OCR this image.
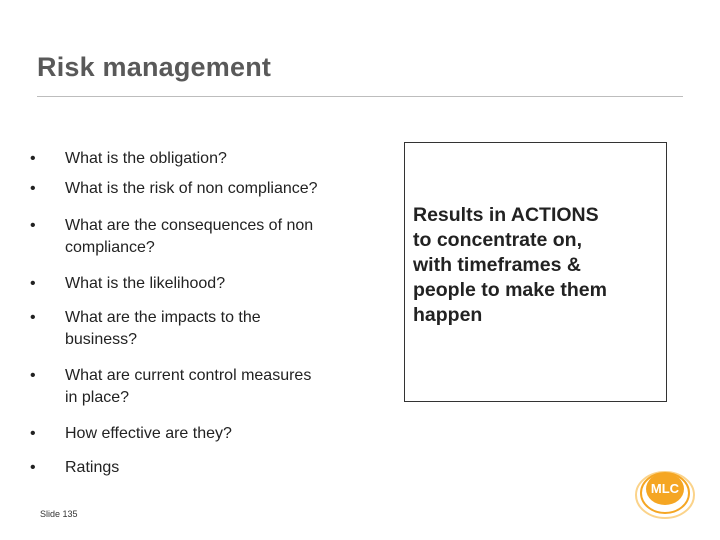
Risk management
•	What is the obligation?
•	What is the risk of non compliance?
•	What are the consequences of non
compliance?
•	What is the likelihood?
•	What are the impacts to the
business?
•	What are current control measures
in place?
•	How effective are they?
•	Ratings

Results in ACTIONS
to concentrate on,
with timeframes &
people to make them
happen

Slide 135
MLC
